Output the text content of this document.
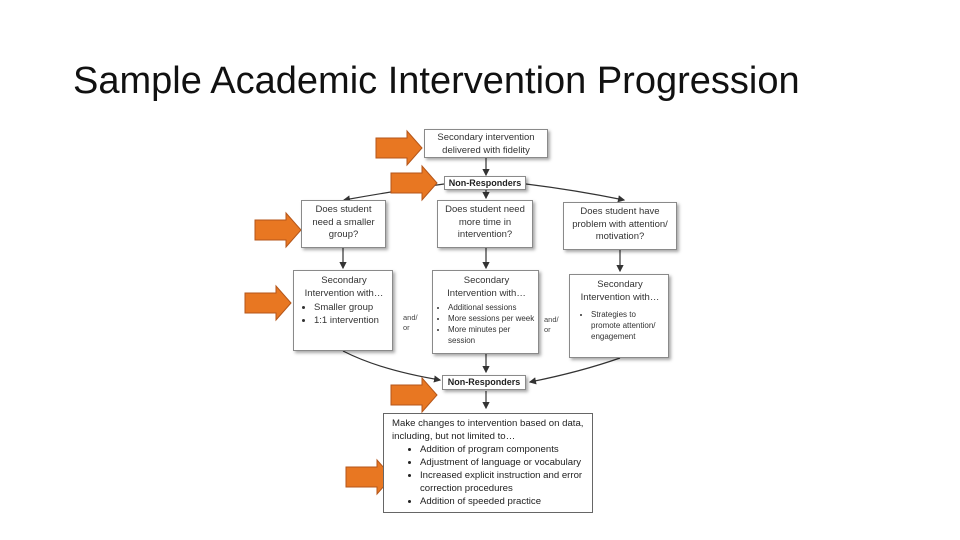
Sample Academic Intervention Progression
Secondary intervention
delivered with fidelity
Non-Responders
Does student
need a smaller
group?
Does student need
more time in
intervention?
Does student have
problem with attention/
motivation?
Secondary
Intervention with…
• Smaller group
• 1:1 intervention
Secondary
Intervention with…
• Additional sessions
• More sessions per week
• More minutes per session
Secondary
Intervention with…
• Strategies to promote attention/ engagement
and/
or
and/
or
Non-Responders
Make changes to intervention based on data, including, but not limited to…
• Addition of program components
• Adjustment of language or vocabulary
• Increased explicit instruction and error correction procedures
• Addition of speeded practice
